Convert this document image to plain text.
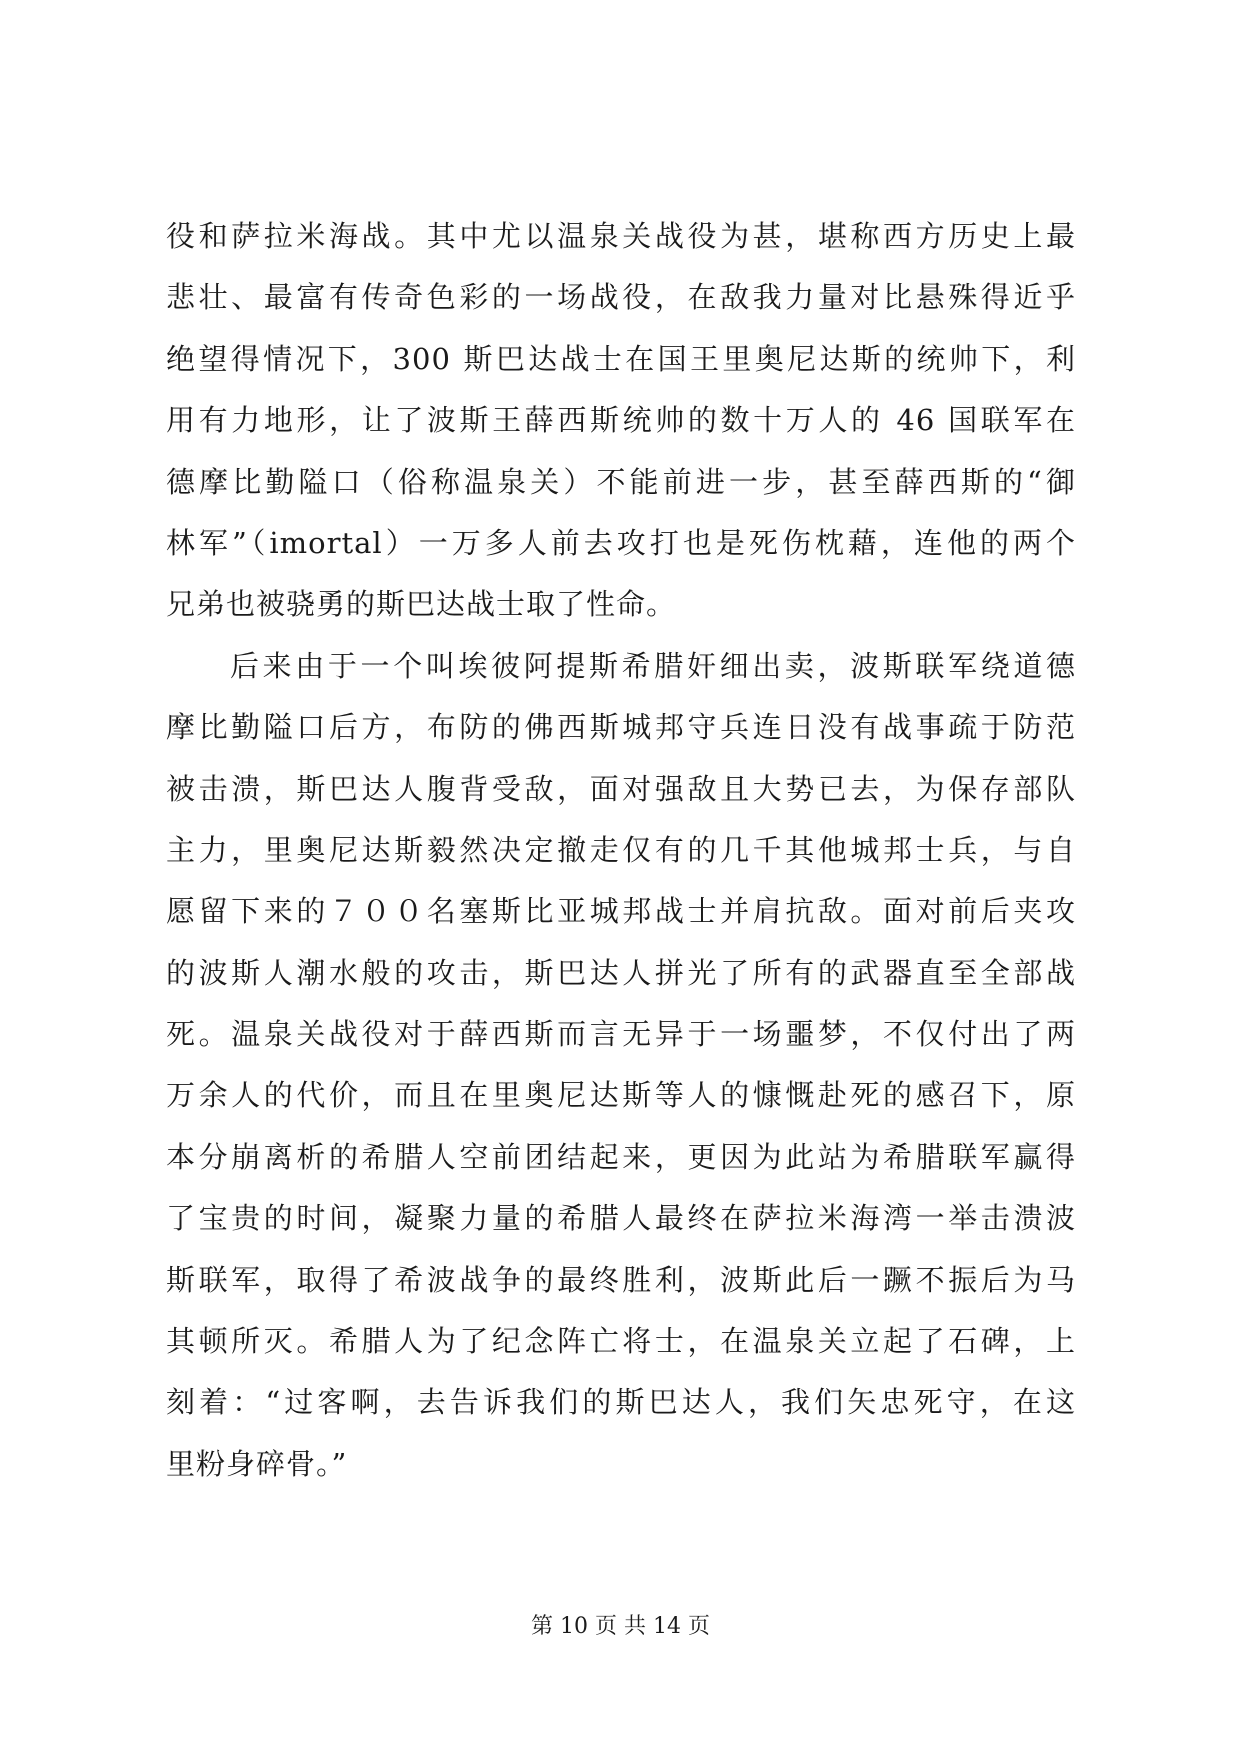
役和萨拉米海战。其中尤以温泉关战役为甚，堪称西方历史上最
悲壮、最富有传奇色彩的一场战役，在敌我力量对比悬殊得近乎
绝望得情况下，300 斯巴达战士在国王里奥尼达斯的统帅下，利
用有力地形，让了波斯王薛西斯统帅的数十万人的 46 国联军在
德摩比勤隘口（俗称温泉关）不能前进一步，甚至薛西斯的“御
林军”（imortal）一万多人前去攻打也是死伤枕藉，连他的两个
兄弟也被骁勇的斯巴达战士取了性命。
后来由于一个叫埃彼阿提斯希腊奸细出卖，波斯联军绕道德
摩比勤隘口后方，布防的佛西斯城邦守兵连日没有战事疏于防范
被击溃，斯巴达人腹背受敌，面对强敌且大势已去，为保存部队
主力，里奥尼达斯毅然决定撤走仅有的几千其他城邦士兵，与自
愿留下来的７００名塞斯比亚城邦战士并肩抗敌。面对前后夹攻
的波斯人潮水般的攻击，斯巴达人拼光了所有的武器直至全部战
死。温泉关战役对于薛西斯而言无异于一场噩梦，不仅付出了两
万余人的代价，而且在里奥尼达斯等人的慷慨赴死的感召下，原
本分崩离析的希腊人空前团结起来，更因为此站为希腊联军赢得
了宝贵的时间，凝聚力量的希腊人最终在萨拉米海湾一举击溃波
斯联军，取得了希波战争的最终胜利，波斯此后一蹶不振后为马
其顿所灭。希腊人为了纪念阵亡将士，在温泉关立起了石碑，上
刻着：“过客啊，去告诉我们的斯巴达人，我们矢忠死守，在这
里粉身碎骨。”
第 10 页 共 14 页
